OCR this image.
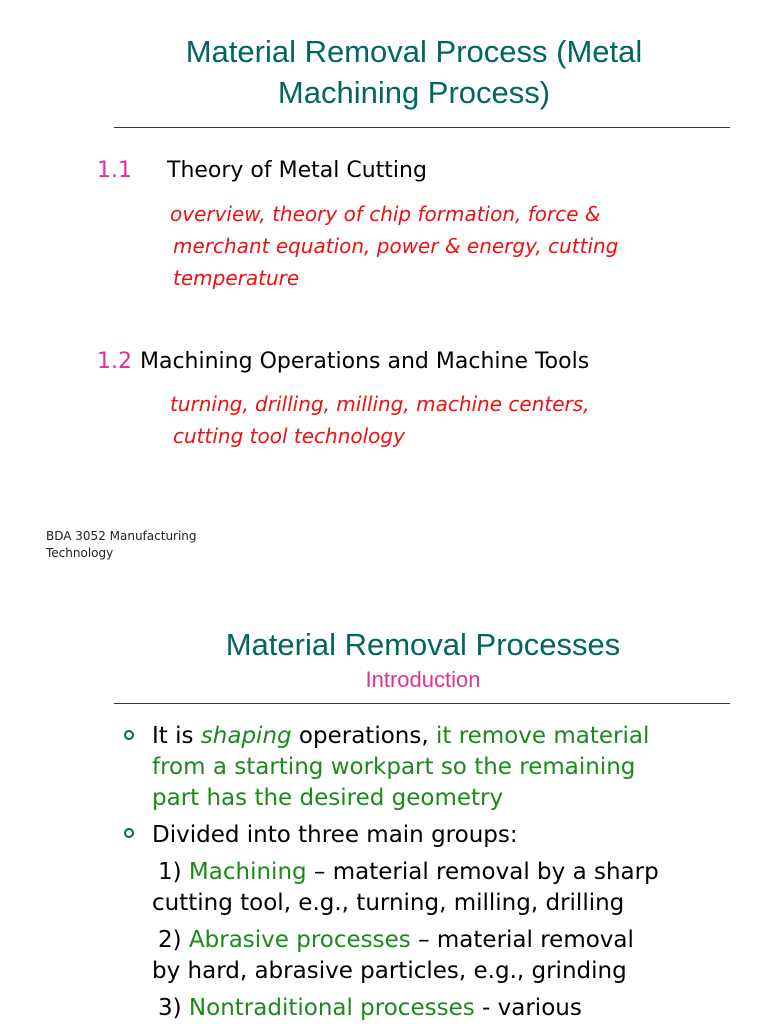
Material Removal Process (Metal
Machining Process)
1.1 Theory of Metal Cutting
overview, theory of chip formation, force &
merchant equation, power & energy, cutting
temperature
1.2 Machining Operations and Machine Tools
turning, drilling, milling, machine centers,
cutting tool technology
BDA 3052 Manufacturing
Technology
Material Removal Processes
Introduction
It is shaping operations, it remove material
from a starting workpart so the remaining
part has the desired geometry
Divided into three main groups:
1) Machining – material removal by a sharp
cutting tool, e.g., turning, milling, drilling
2) Abrasive processes – material removal
by hard, abrasive particles, e.g., grinding
3) Nontraditional processes - various
